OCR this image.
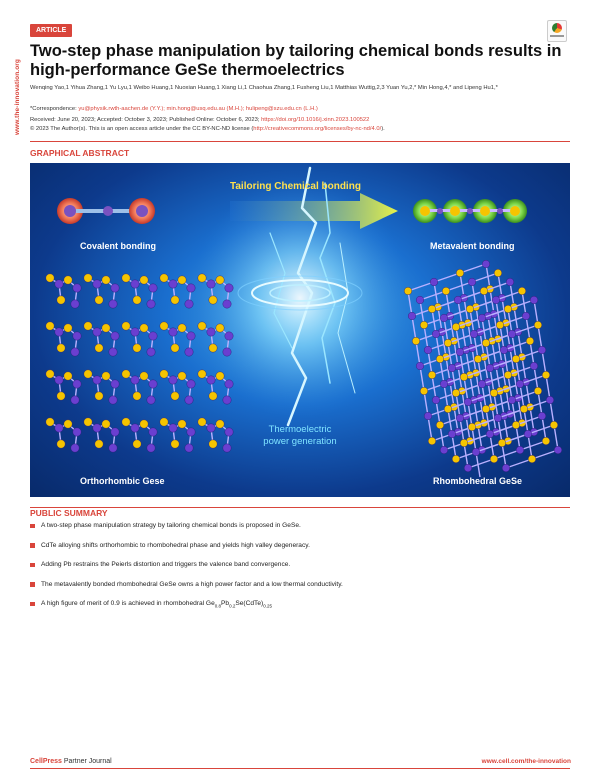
www.the-innovation.org
ARTICLE
Two-step phase manipulation by tailoring chemical bonds results in high-performance GeSe thermoelectrics
Wenqing Yao,1 Yihua Zhang,1 Yu Lyu,1 Weibo Huang,1 Nuoxian Huang,1 Xiang Li,1 Chaohua Zhang,1 Fusheng Liu,1 Matthias Wuttig,2,3 Yuan Yu,2,* Min Hong,4,* and Lipeng Hu1,*
*Correspondence: yu@physik.rwth-aachen.de (Y.Y.); min.hong@usq.edu.au (M.H.); hulipeng@szu.edu.cn (L.H.)
Received: June 20, 2023; Accepted: October 3, 2023; Published Online: October 6, 2023; https://doi.org/10.1016/j.xinn.2023.100522
© 2023 The Author(s). This is an open access article under the CC BY-NC-ND license (http://creativecommons.org/licenses/by-nc-nd/4.0/).
GRAPHICAL ABSTRACT
Tailoring Chemical bonding
Covalent bonding	Metavalent bonding
Thermoelectric
power generation
Orthorhombic Gese	Rhombohedral GeSe
PUBLIC SUMMARY
A two-step phase manipulation strategy by tailoring chemical bonds is proposed in GeSe.
CdTe alloying shifts orthorhombic to rhombohedral phase and yields high valley degeneracy.
Adding Pb restrains the Peierls distortion and triggers the valence band convergence.
The metavalently bonded rhombohedral GeSe owns a high power factor and a low thermal conductivity.
A high figure of merit of 0.9 is achieved in rhombohedral $Ge_{0.8}Pb_{0.2}Se(CdTe)_{0.25}$
CellPress Partner Journal	www.cell.com/the-innovation
